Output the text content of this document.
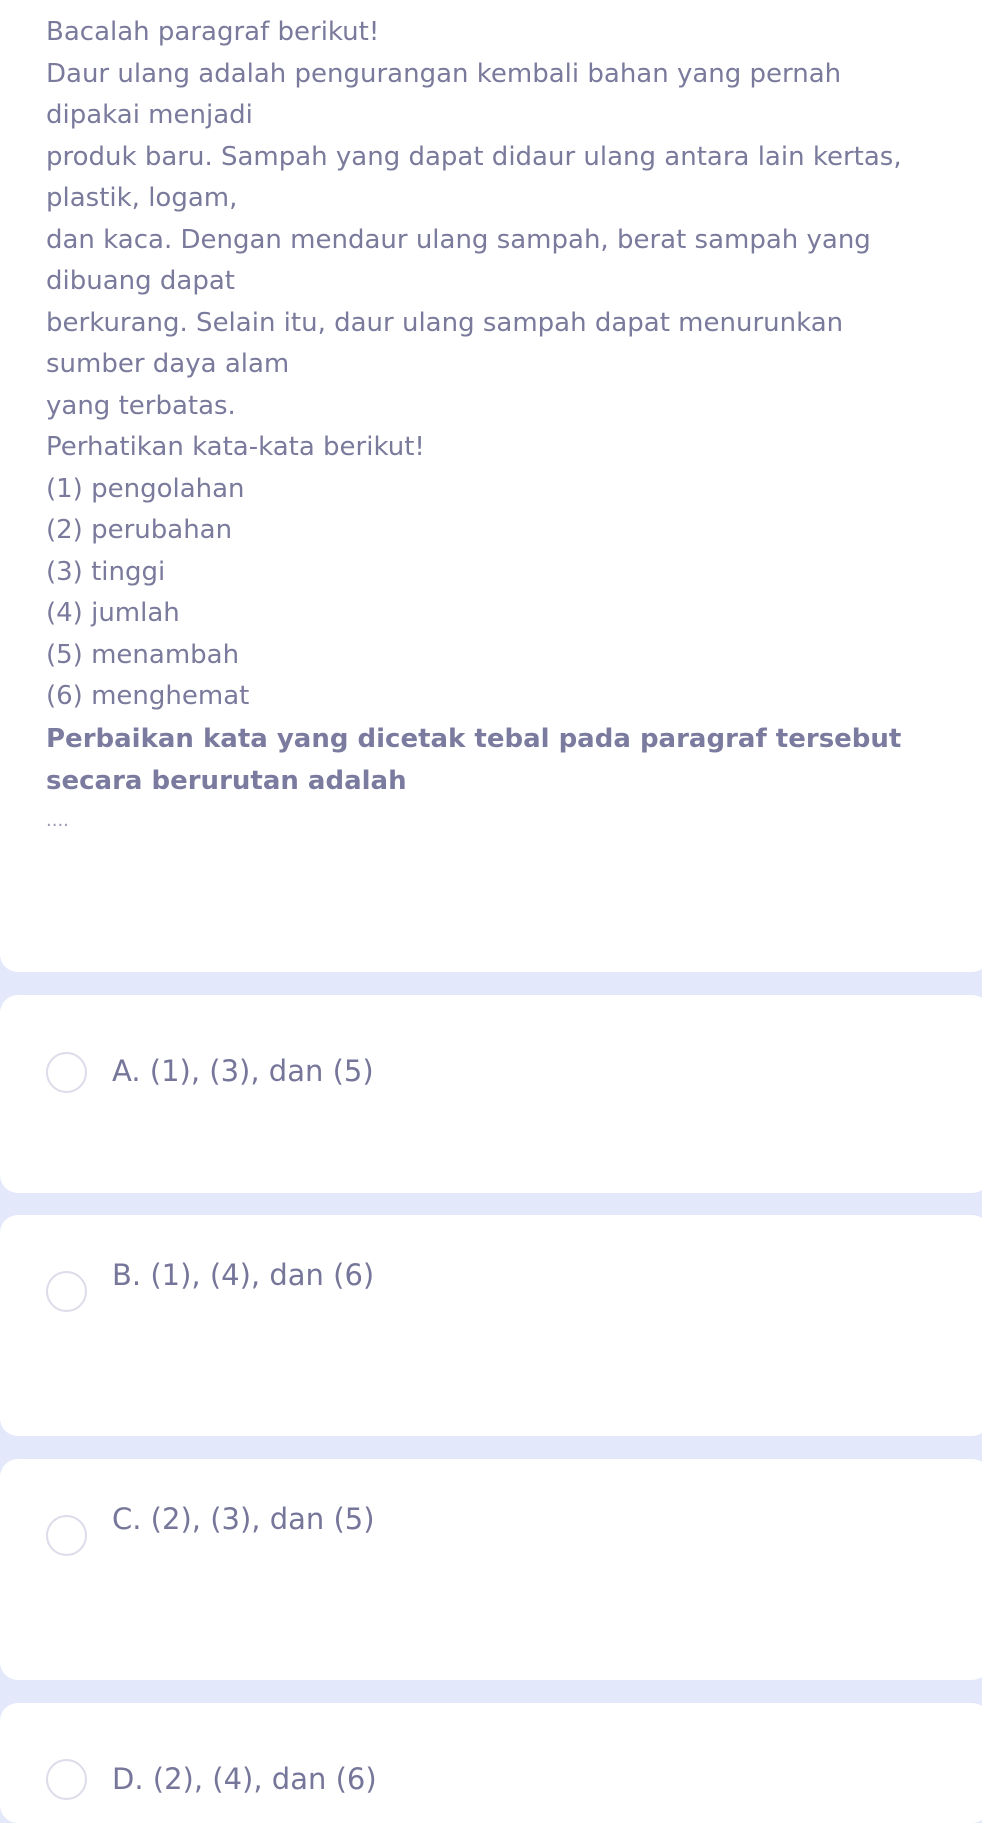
Bacalah paragraf berikut!
Daur ulang adalah pengurangan kembali bahan yang pernah
dipakai menjadi
produk baru. Sampah yang dapat didaur ulang antara lain kertas,
plastik, logam,
dan kaca. Dengan mendaur ulang sampah, berat sampah yang
dibuang dapat
berkurang. Selain itu, daur ulang sampah dapat menurunkan
sumber daya alam
yang terbatas.
Perhatikan kata-kata berikut!
(1) pengolahan
(2) perubahan
(3) tinggi
(4) jumlah
(5) menambah
(6) menghemat
Perbaikan kata yang dicetak tebal pada paragraf tersebut
secara berurutan adalah
....
A. (1), (3), dan (5)
B. (1), (4), dan (6)
C. (2), (3), dan (5)
D. (2), (4), dan (6)
